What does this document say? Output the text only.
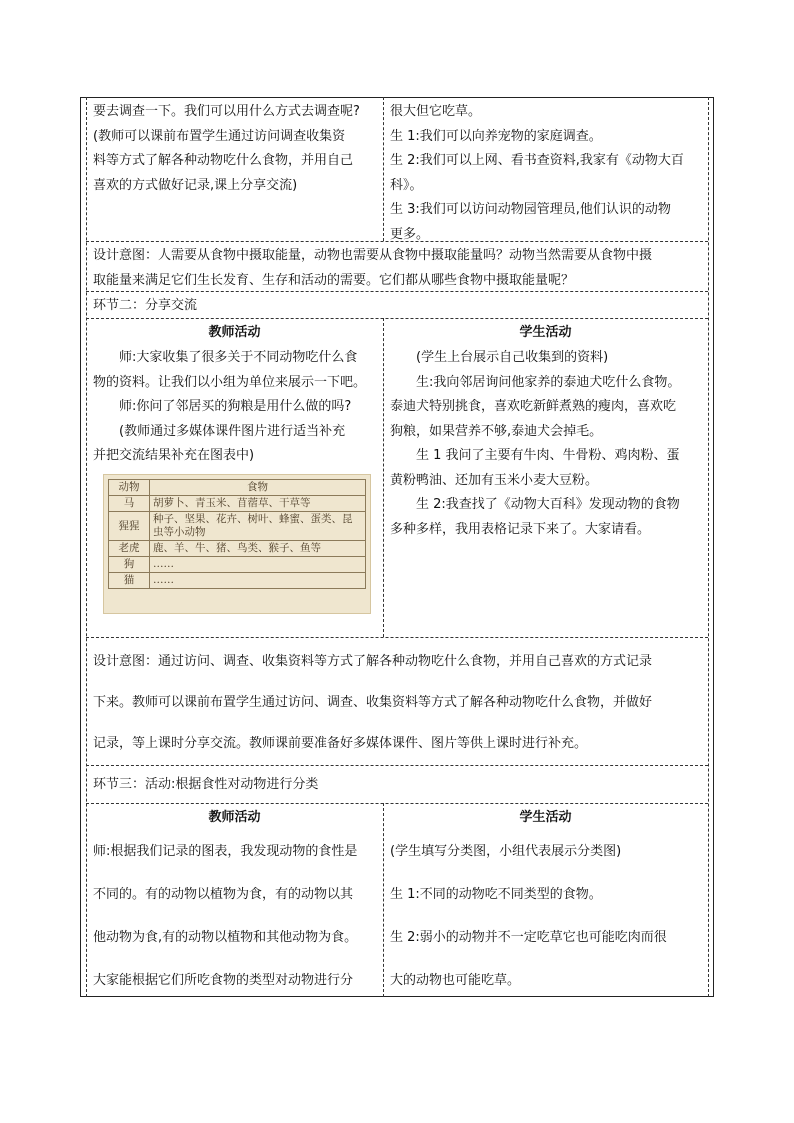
要去调查一下。我们可以用什么方式去调查呢?

(教师可以课前布置学生通过访问调查收集资

料等方式了解各种动物吃什么食物，并用自己

喜欢的方式做好记录,课上分享交流)

很大但它吃草。

生 1:我们可以向养宠物的家庭调查。

生 2:我们可以上网、看书查资料,我家有《动物大百

科》。

生 3:我们可以访问动物园管理员,他们认识的动物

更多。

设计意图：人需要从食物中摄取能量，动物也需要从食物中摄取能量吗？动物当然需要从食物中摄

取能量来满足它们生长发育、生存和活动的需要。它们都从哪些食物中摄取能量呢？

环节二：分享交流
教师活动	学生活动

师:大家收集了很多关于不同动物吃什么食

物的资料。让我们以小组为单位来展示一下吧。

师:你问了邻居买的狗粮是用什么做的吗?

(教师通过多媒体课件图片进行适当补充

并把交流结果补充在图表中)

动物	食物
马	胡萝卜、青玉米、苜蓿草、干草等
猩猩	种子、坚果、花卉、树叶、蜂蜜、蛋类、昆虫等小动物
老虎	鹿、羊、牛、猪、鸟类、猴子、鱼等
狗	……
猫	……

(学生上台展示自己收集到的资料)

生:我向邻居询问他家养的泰迪犬吃什么食物。

泰迪犬特别挑食，喜欢吃新鲜煮熟的瘦肉，喜欢吃

狗粮，如果营养不够,泰迪犬会掉毛。

生 1 我问了主要有牛肉、牛骨粉、鸡肉粉、蛋

黄粉鸭油、还加有玉米小麦大豆粉。

生 2:我查找了《动物大百科》发现动物的食物

多种多样，我用表格记录下来了。大家请看。

设计意图：通过访问、调查、收集资料等方式了解各种动物吃什么食物，并用自己喜欢的方式记录

下来。教师可以课前布置学生通过访问、调查、收集资料等方式了解各种动物吃什么食物，并做好

记录，等上课时分享交流。教师课前要准备好多媒体课件、图片等供上课时进行补充。

环节三：活动:根据食性对动物进行分类
教师活动	学生活动

师:根据我们记录的图表，我发现动物的食性是

不同的。有的动物以植物为食，有的动物以其

他动物为食,有的动物以植物和其他动物为食。

大家能根据它们所吃食物的类型对动物进行分

(学生填写分类图，小组代表展示分类图)

生 1:不同的动物吃不同类型的食物。

生 2:弱小的动物并不一定吃草它也可能吃肉而很

大的动物也可能吃草。
